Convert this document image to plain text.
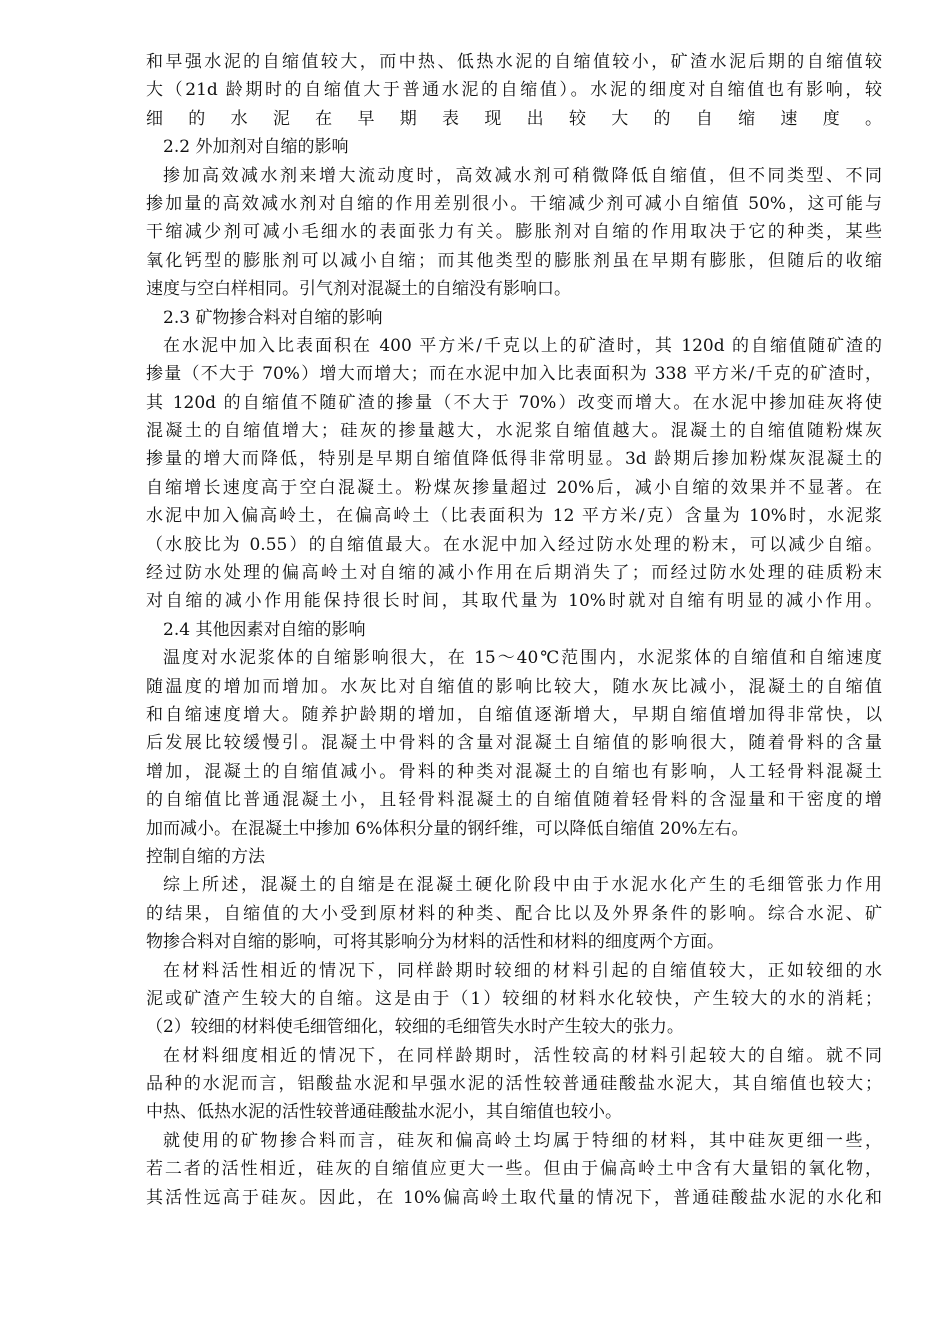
和早强水泥的自缩值较大，而中热、低热水泥的自缩值较小，矿渣水泥后期的自缩值较
大（21d 龄期时的自缩值大于普通水泥的自缩值）。水泥的细度对自缩值也有影响，较
细的水泥在早期表现出较大的自缩速度。
2.2 外加剂对自缩的影响
掺加高效减水剂来增大流动度时，高效减水剂可稍微降低自缩值，但不同类型、不同
掺加量的高效减水剂对自缩的作用差别很小。干缩减少剂可减小自缩值 50%，这可能与
干缩减少剂可减小毛细水的表面张力有关。膨胀剂对自缩的作用取决于它的种类，某些
氧化钙型的膨胀剂可以减小自缩；而其他类型的膨胀剂虽在早期有膨胀，但随后的收缩
速度与空白样相同。引气剂对混凝土的自缩没有影响口。
2.3 矿物掺合料对自缩的影响
在水泥中加入比表面积在 400 平方米/千克以上的矿渣时，其 120d 的自缩值随矿渣的
掺量（不大于 70%）增大而增大；而在水泥中加入比表面积为 338 平方米/千克的矿渣时，
其 120d 的自缩值不随矿渣的掺量（不大于 70%）改变而增大。在水泥中掺加硅灰将使
混凝土的自缩值增大；硅灰的掺量越大，水泥浆自缩值越大。混凝土的自缩值随粉煤灰
掺量的增大而降低，特别是早期自缩值降低得非常明显。3d 龄期后掺加粉煤灰混凝土的
自缩增长速度高于空白混凝土。粉煤灰掺量超过 20%后，减小自缩的效果并不显著。在
水泥中加入偏高岭土，在偏高岭土（比表面积为 12 平方米/克）含量为 10%时，水泥浆
（水胶比为 0.55）的自缩值最大。在水泥中加入经过防水处理的粉末，可以减少自缩。
经过防水处理的偏高岭土对自缩的减小作用在后期消失了；而经过防水处理的硅质粉末
对自缩的减小作用能保持很长时间，其取代量为 10%时就对自缩有明显的减小作用。
2.4 其他因素对自缩的影响
温度对水泥浆体的自缩影响很大，在 15～40℃范围内，水泥浆体的自缩值和自缩速度
随温度的增加而增加。水灰比对自缩值的影响比较大，随水灰比减小，混凝土的自缩值
和自缩速度增大。随养护龄期的增加，自缩值逐渐增大，早期自缩值增加得非常快，以
后发展比较缓慢引。混凝土中骨料的含量对混凝土自缩值的影响很大，随着骨料的含量
增加，混凝土的自缩值减小。骨料的种类对混凝土的自缩也有影响，人工轻骨料混凝土
的自缩值比普通混凝土小，且轻骨料混凝土的自缩值随着轻骨料的含湿量和干密度的增
加而减小。在混凝土中掺加 6%体积分量的钢纤维，可以降低自缩值 20%左右。
控制自缩的方法
综上所述，混凝土的自缩是在混凝土硬化阶段中由于水泥水化产生的毛细管张力作用
的结果，自缩值的大小受到原材料的种类、配合比以及外界条件的影响。综合水泥、矿
物掺合料对自缩的影响，可将其影响分为材料的活性和材料的细度两个方面。
在材料活性相近的情况下，同样龄期时较细的材料引起的自缩值较大，正如较细的水
泥或矿渣产生较大的自缩。这是由于（1）较细的材料水化较快，产生较大的水的消耗；
（2）较细的材料使毛细管细化，较细的毛细管失水时产生较大的张力。
在材料细度相近的情况下，在同样龄期时，活性较高的材料引起较大的自缩。就不同
品种的水泥而言，铝酸盐水泥和早强水泥的活性较普通硅酸盐水泥大，其自缩值也较大；
中热、低热水泥的活性较普通硅酸盐水泥小，其自缩值也较小。
就使用的矿物掺合料而言，硅灰和偏高岭土均属于特细的材料，其中硅灰更细一些，
若二者的活性相近，硅灰的自缩值应更大一些。但由于偏高岭土中含有大量铝的氧化物，
其活性远高于硅灰。因此，在 10%偏高岭土取代量的情况下，普通硅酸盐水泥的水化和
